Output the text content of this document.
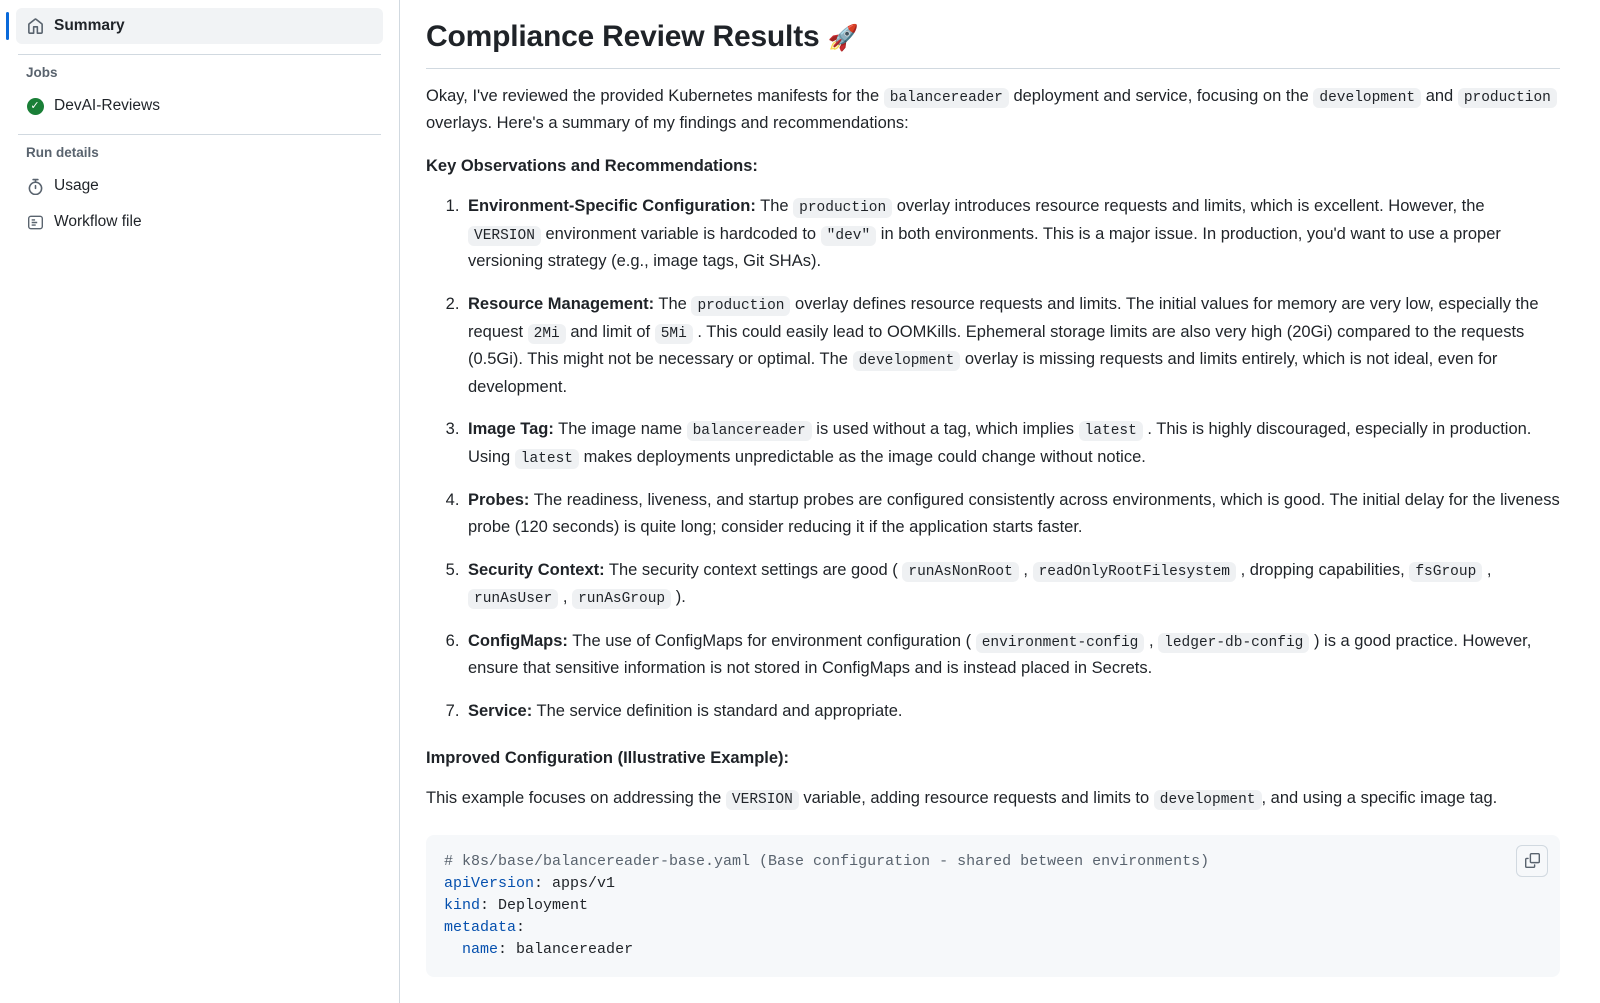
Summary
Jobs
✓ DevAI-Reviews
Run details
Usage
Workflow file
Compliance Review Results 🚀

Okay, I've reviewed the provided Kubernetes manifests for the balancereader deployment and service, focusing on the development and production overlays. Here's a summary of my findings and recommendations:

Key Observations and Recommendations:

1. Environment-Specific Configuration: The production overlay introduces resource requests and limits, which is excellent. However, the VERSION environment variable is hardcoded to "dev" in both environments. This is a major issue. In production, you'd want to use a proper versioning strategy (e.g., image tags, Git SHAs).
2. Resource Management: The production overlay defines resource requests and limits. The initial values for memory are very low, especially the request 2Mi and limit of 5Mi . This could easily lead to OOMKills. Ephemeral storage limits are also very high (20Gi) compared to the requests (0.5Gi). This might not be necessary or optimal. The development overlay is missing requests and limits entirely, which is not ideal, even for development.
3. Image Tag: The image name balancereader is used without a tag, which implies latest . This is highly discouraged, especially in production. Using latest makes deployments unpredictable as the image could change without notice.
4. Probes: The readiness, liveness, and startup probes are configured consistently across environments, which is good. The initial delay for the liveness probe (120 seconds) is quite long; consider reducing it if the application starts faster.
5. Security Context: The security context settings are good ( runAsNonRoot , readOnlyRootFilesystem , dropping capabilities, fsGroup , runAsUser , runAsGroup ).
6. ConfigMaps: The use of ConfigMaps for environment configuration ( environment-config , ledger-db-config ) is a good practice. However, ensure that sensitive information is not stored in ConfigMaps and is instead placed in Secrets.
7. Service: The service definition is standard and appropriate.

Improved Configuration (Illustrative Example):

This example focuses on addressing the VERSION variable, adding resource requests and limits to development , and using a specific image tag.

# k8s/base/balancereader-base.yaml (Base configuration - shared between environments)
apiVersion: apps/v1
kind: Deployment
metadata:
name: balancereader
